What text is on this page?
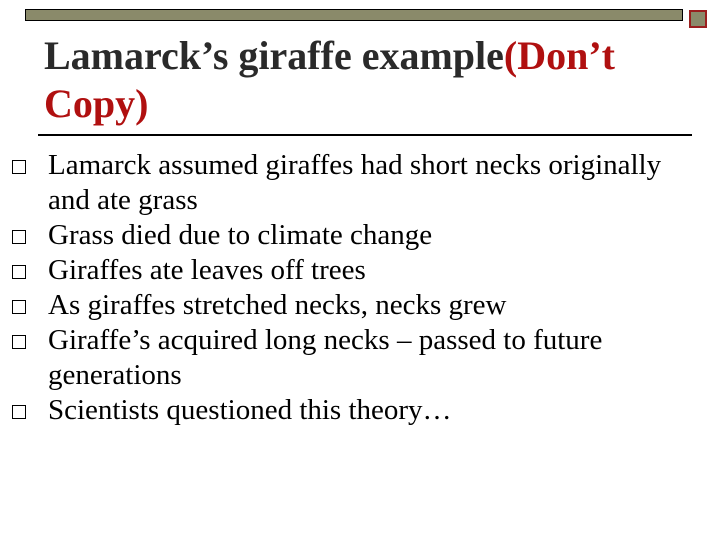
Lamarck’s giraffe example(Don’t
Copy)
Lamarck assumed giraffes had short necks originally and ate grass
Grass died due to climate change
Giraffes ate leaves off trees
As giraffes stretched necks, necks grew
Giraffe’s acquired long necks – passed to future generations
Scientists questioned this theory…
